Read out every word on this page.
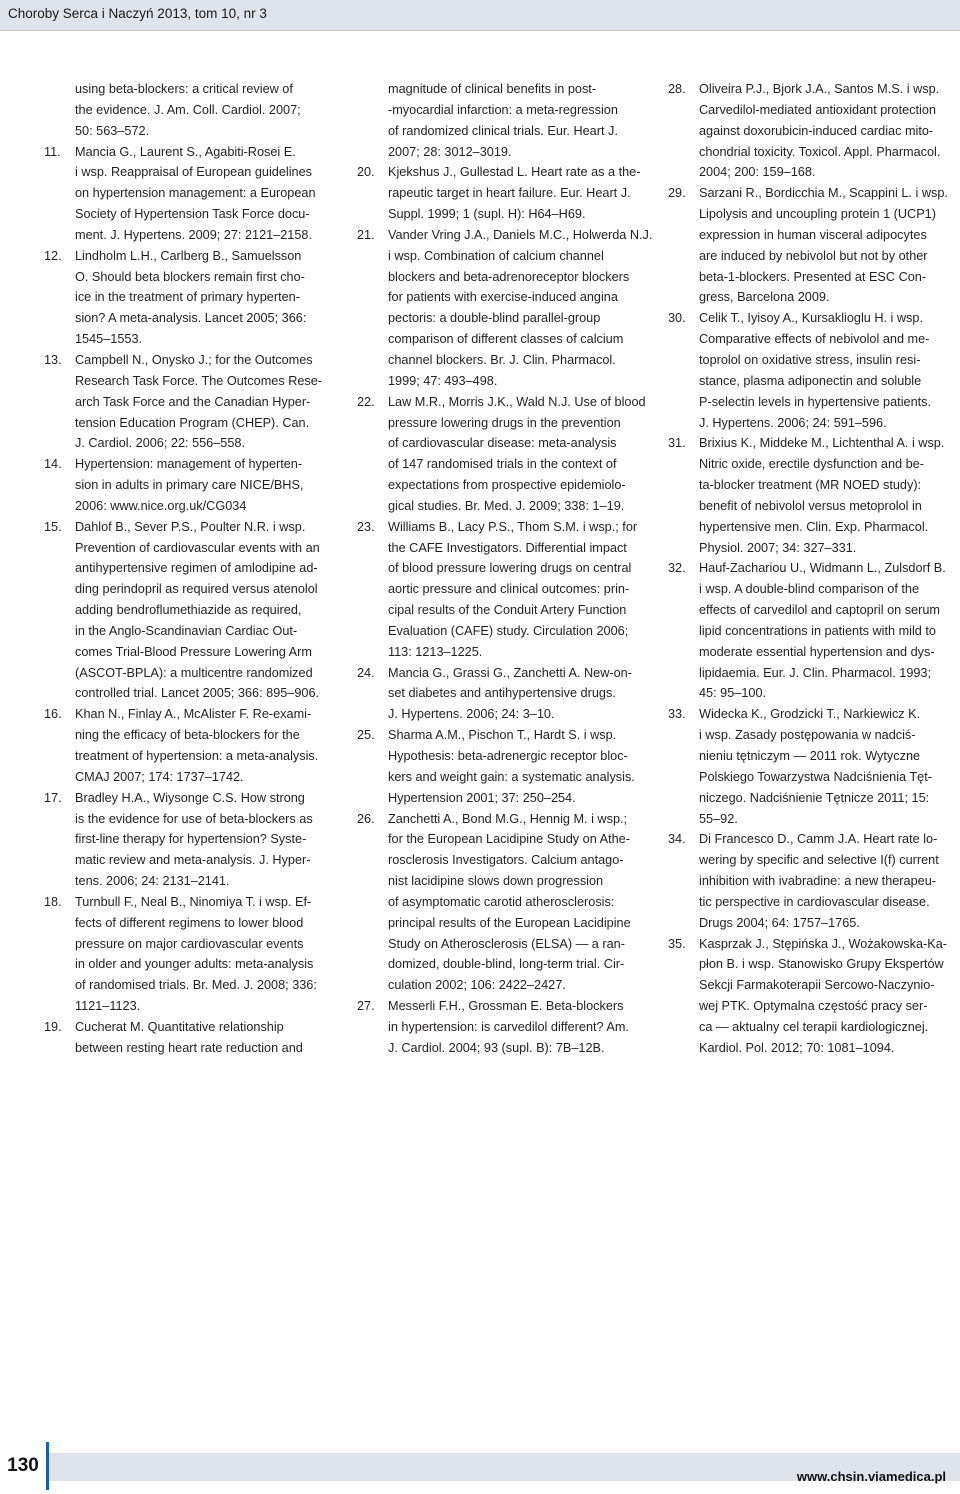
Choroby Serca i Naczyń 2013, tom 10, nr 3
using beta-blockers: a critical review of
the evidence. J. Am. Coll. Cardiol. 2007;
50: 563–572.
11.	Mancia G., Laurent S., Agabiti-Rosei E.
i wsp. Reappraisal of European guidelines
on hypertension management: a European
Society of Hypertension Task Force docu-
ment. J. Hypertens. 2009; 27: 2121–2158.
12.	Lindholm L.H., Carlberg B., Samuelsson
O. Should beta blockers remain first cho-
ice in the treatment of primary hyperten-
sion? A meta-analysis. Lancet 2005; 366:
1545–1553.
13.	Campbell N., Onysko J.; for the Outcomes
Research Task Force. The Outcomes Rese-
arch Task Force and the Canadian Hyper-
tension Education Program (CHEP). Can.
J. Cardiol. 2006; 22: 556–558.
14.	Hypertension: management of hyperten-
sion in adults in primary care NICE/BHS,
2006: www.nice.org.uk/CG034
15.	Dahlof B., Sever P.S., Poulter N.R. i wsp.
Prevention of cardiovascular events with an
antihypertensive regimen of amlodipine ad-
ding perindopril as required versus atenolol
adding bendroflumethiazide as required,
in the Anglo-Scandinavian Cardiac Out-
comes Trial-Blood Pressure Lowering Arm
(ASCOT-BPLA): a multicentre randomized
controlled trial. Lancet 2005; 366: 895–906.
16.	Khan N., Finlay A., McAlister F. Re-exami-
ning the efficacy of beta-blockers for the
treatment of hypertension: a meta-analysis.
CMAJ 2007; 174: 1737–1742.
17.	Bradley H.A., Wiysonge C.S. How strong
is the evidence for use of beta-blockers as
first-line therapy for hypertension? Syste-
matic review and meta-analysis. J. Hyper-
tens. 2006; 24: 2131–2141.
18.	Turnbull F., Neal B., Ninomiya T. i wsp. Ef-
fects of different regimens to lower blood
pressure on major cardiovascular events
in older and younger adults: meta-analysis
of randomised trials. Br. Med. J. 2008; 336:
1121–1123.
19.	Cucherat M. Quantitative relationship
between resting heart rate reduction and
magnitude of clinical benefits in post-
-myocardial infarction: a meta-regression
of randomized clinical trials. Eur. Heart J.
2007; 28: 3012–3019.
20.	Kjekshus J., Gullestad L. Heart rate as a the-
rapeutic target in heart failure. Eur. Heart J.
Suppl. 1999; 1 (supl. H): H64–H69.
21.	Vander Vring J.A., Daniels M.C., Holwerda N.J.
i wsp. Combination of calcium channel
blockers and beta-adrenoreceptor blockers
for patients with exercise-induced angina
pectoris: a double-blind parallel-group
comparison of different classes of calcium
channel blockers. Br. J. Clin. Pharmacol.
1999; 47: 493–498.
22.	Law M.R., Morris J.K., Wald N.J. Use of blood
pressure lowering drugs in the prevention
of cardiovascular disease: meta-analysis
of 147 randomised trials in the context of
expectations from prospective epidemiolo-
gical studies. Br. Med. J. 2009; 338: 1–19.
23.	Williams B., Lacy P.S., Thom S.M. i wsp.; for
the CAFE Investigators. Differential impact
of blood pressure lowering drugs on central
aortic pressure and clinical outcomes: prin-
cipal results of the Conduit Artery Function
Evaluation (CAFE) study. Circulation 2006;
113: 1213–1225.
24.	Mancia G., Grassi G., Zanchetti A. New-on-
set diabetes and antihypertensive drugs.
J. Hypertens. 2006; 24: 3–10.
25.	Sharma A.M., Pischon T., Hardt S. i wsp.
Hypothesis: beta-adrenergic receptor bloc-
kers and weight gain: a systematic analysis.
Hypertension 2001; 37: 250–254.
26.	Zanchetti A., Bond M.G., Hennig M. i wsp.;
for the European Lacidipine Study on Athe-
rosclerosis Investigators. Calcium antago-
nist lacidipine slows down progression
of asymptomatic carotid atherosclerosis:
principal results of the European Lacidipine
Study on Atherosclerosis (ELSA) — a ran-
domized, double-blind, long-term trial. Cir-
culation 2002; 106: 2422–2427.
27.	Messerli F.H., Grossman E. Beta-blockers
in hypertension: is carvedilol different? Am.
J. Cardiol. 2004; 93 (supl. B): 7B–12B.
28.	Oliveira P.J., Bjork J.A., Santos M.S. i wsp.
Carvedilol-mediated antioxidant protection
against doxorubicin-induced cardiac mito-
chondrial toxicity. Toxicol. Appl. Pharmacol.
2004; 200: 159–168.
29.	Sarzani R., Bordicchia M., Scappini L. i wsp.
Lipolysis and uncoupling protein 1 (UCP1)
expression in human visceral adipocytes
are induced by nebivolol but not by other
beta-1-blockers. Presented at ESC Con-
gress, Barcelona 2009.
30.	Celik T., Iyisoy A., Kursaklioglu H. i wsp.
Comparative effects of nebivolol and me-
toprolol on oxidative stress, insulin resi-
stance, plasma adiponectin and soluble
P-selectin levels in hypertensive patients.
J. Hypertens. 2006; 24: 591–596.
31.	Brixius K., Middeke M., Lichtenthal A. i wsp.
Nitric oxide, erectile dysfunction and be-
ta-blocker treatment (MR NOED study):
benefit of nebivolol versus metoprolol in
hypertensive men. Clin. Exp. Pharmacol.
Physiol. 2007; 34: 327–331.
32.	Hauf-Zachariou U., Widmann L., Zulsdorf B.
i wsp. A double-blind comparison of the
effects of carvedilol and captopril on serum
lipid concentrations in patients with mild to
moderate essential hypertension and dys-
lipidaemia. Eur. J. Clin. Pharmacol. 1993;
45: 95–100.
33.	Widecka K., Grodzicki T., Narkiewicz K.
i wsp. Zasady postępowania w nadciś-
nieniu tętniczym — 2011 rok. Wytyczne
Polskiego Towarzystwa Nadciśnienia Tęt-
niczego. Nadciśnienie Tętnicze 2011; 15:
55–92.
34.	Di Francesco D., Camm J.A. Heart rate lo-
wering by specific and selective I(f) current
inhibition with ivabradine: a new therapeu-
tic perspective in cardiovascular disease.
Drugs 2004; 64: 1757–1765.
35.	Kasprzak J., Stępińska J., Wożakowska-Ka-
płon B. i wsp. Stanowisko Grupy Ekspertów
Sekcji Farmakoterapii Sercowo-Naczynio-
wej PTK. Optymalna częstość pracy ser-
ca — aktualny cel terapii kardiologicznej.
Kardiol. Pol. 2012; 70: 1081–1094.
130
www.chsin.viamedica.pl
